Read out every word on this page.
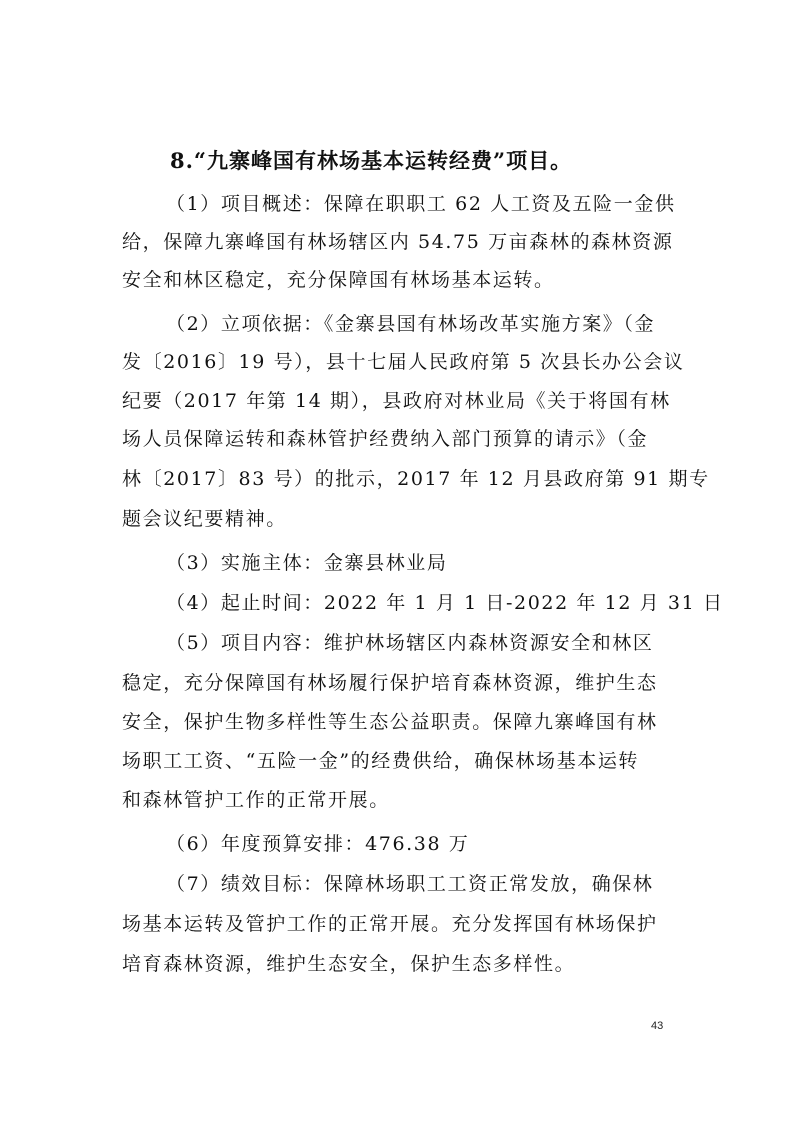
8.“九寨峰国有林场基本运转经费”项目。
（1）项目概述：保障在职职工 62 人工资及五险一金供
给，保障九寨峰国有林场辖区内 54.75 万亩森林的森林资源
安全和林区稳定，充分保障国有林场基本运转。
（2）立项依据：《金寨县国有林场改革实施方案》（金
发〔2016〕19 号），县十七届人民政府第 5 次县长办公会议
纪要（2017 年第 14 期），县政府对林业局《关于将国有林
场人员保障运转和森林管护经费纳入部门预算的请示》（金
林〔2017〕83 号）的批示，2017 年 12 月县政府第 91 期专
题会议纪要精神。
（3）实施主体：金寨县林业局
（4）起止时间：2022 年 1 月 1 日-2022 年 12 月 31 日
（5）项目内容：维护林场辖区内森林资源安全和林区
稳定，充分保障国有林场履行保护培育森林资源，维护生态
安全，保护生物多样性等生态公益职责。保障九寨峰国有林
场职工工资、“五险一金”的经费供给，确保林场基本运转
和森林管护工作的正常开展。
（6）年度预算安排：476.38 万
（7）绩效目标：保障林场职工工资正常发放，确保林
场基本运转及管护工作的正常开展。充分发挥国有林场保护
培育森林资源，维护生态安全，保护生态多样性。
43
